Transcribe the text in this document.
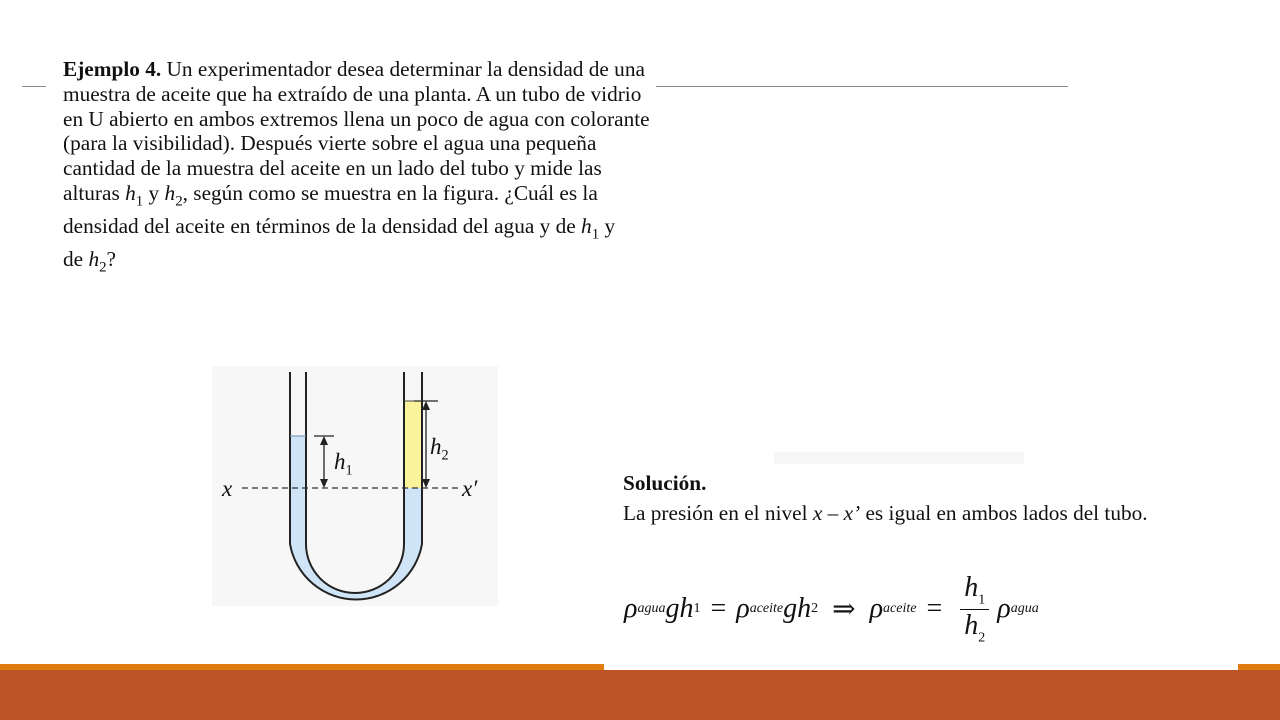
Ejemplo 4. Un experimentador desea determinar la densidad de una muestra de aceite que ha extraído de una planta. A un tubo de vidrio en U abierto en ambos extremos llena un poco de agua con colorante (para la visibilidad). Después vierte sobre el agua una pequeña cantidad de la muestra del aceite en un lado del tubo y mide las alturas $h_1$ y $h_2$, según como se muestra en la figura. ¿Cuál es la densidad del aceite en términos de la densidad del agua y de $h_1$ y
de $h_2$?

x	x′
$h_1$
$h_2$
Solución.
La presión en el nivel x – x’ es igual en ambos lados del tubo.
ρ agua g h 1 = ρ aceite g h 2 ⇒ ρ aceite = $\frac{h_1}{h_2}$ ρ agua
